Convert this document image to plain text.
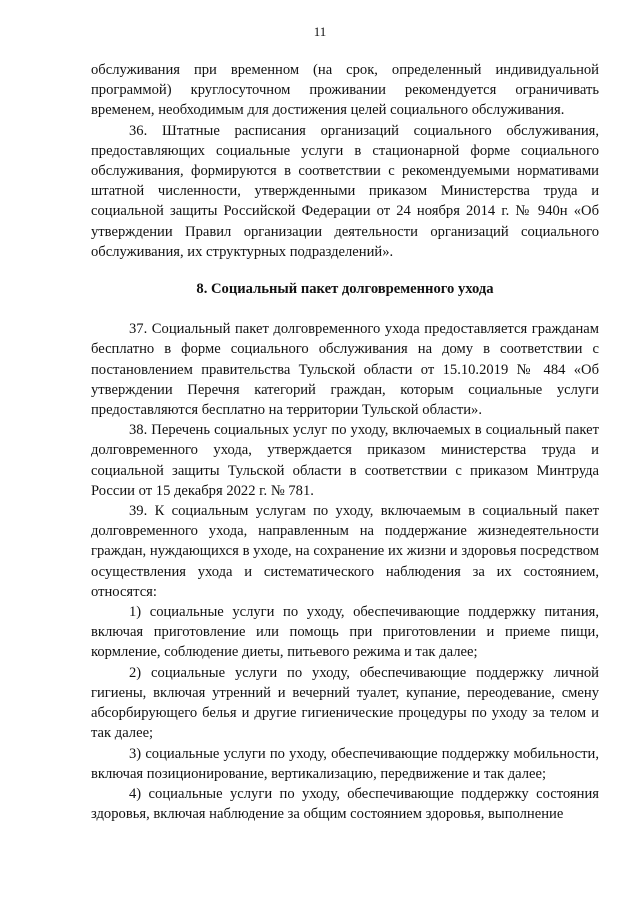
11

обслуживания при временном (на срок, определенный индивидуальной программой) круглосуточном проживании рекомендуется ограничивать временем, необходимым для достижения целей социального обслуживания.

36. Штатные расписания организаций социального обслуживания, предоставляющих социальные услуги в стационарной форме социального обслуживания, формируются в соответствии с рекомендуемыми нормативами штатной численности, утвержденными приказом Министерства труда и социальной защиты Российской Федерации от 24 ноября 2014 г. № 940н «Об утверждении Правил организации деятельности организаций социального обслуживания, их структурных подразделений».

8. Социальный пакет долговременного ухода

37. Социальный пакет долговременного ухода предоставляется гражданам бесплатно в форме социального обслуживания на дому в соответствии с постановлением правительства Тульской области от 15.10.2019 № 484 «Об утверждении Перечня категорий граждан, которым социальные услуги предоставляются бесплатно на территории Тульской области».

38. Перечень социальных услуг по уходу, включаемых в социальный пакет долговременного ухода, утверждается приказом министерства труда и социальной защиты Тульской области в соответствии с приказом Минтруда России от 15 декабря 2022 г. № 781.

39. К социальным услугам по уходу, включаемым в социальный пакет долговременного ухода, направленным на поддержание жизнедеятельности граждан, нуждающихся в уходе, на сохранение их жизни и здоровья посредством осуществления ухода и систематического наблюдения за их состоянием, относятся:

1) социальные услуги по уходу, обеспечивающие поддержку питания, включая приготовление или помощь при приготовлении и приеме пищи, кормление, соблюдение диеты, питьевого режима и так далее;

2) социальные услуги по уходу, обеспечивающие поддержку личной гигиены, включая утренний и вечерний туалет, купание, переодевание, смену абсорбирующего белья и другие гигиенические процедуры по уходу за телом и так далее;

3) социальные услуги по уходу, обеспечивающие поддержку мобильности, включая позиционирование, вертикализацию, передвижение и так далее;

4) социальные услуги по уходу, обеспечивающие поддержку состояния здоровья, включая наблюдение за общим состоянием здоровья, выполнение
